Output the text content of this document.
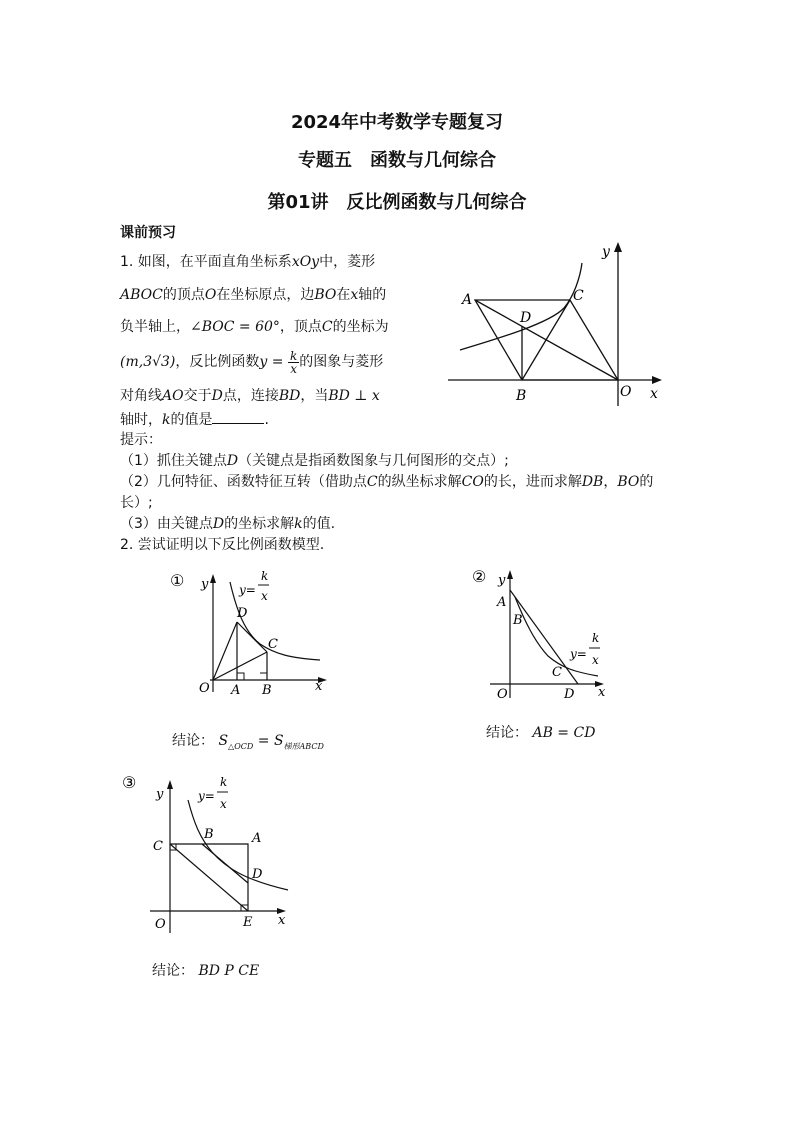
2024年中考数学专题复习
专题五　函数与几何综合
第01讲　反比例函数与几何综合
课前预习
1. 如图，在平面直角坐标系xOy中，菱形
ABOC的顶点O在坐标原点，边BO在x轴的
负半轴上，∠BOC = 60°，顶点C的坐标为
(m,3√3)，反比例函数$y = \frac{k}{x}$ 的图象与菱形
对角线AO交于D点，连接BD，当BD ⊥ x
轴时，k的值是	.
提示：
（1）抓住关键点D（关键点是指函数图象与几何图形的交点）;
（2）几何特征、函数特征互转（借助点C的纵坐标求解CO的长，进而求解DB，BO的长）;
（3）由关键点D的坐标求解k的值.
2. 尝试证明以下反比例函数模型.
y
A	C
D
B	O x
① y	y=
k
x
D
C
O A B	x
② y
y=
k
x
A
B
C
O	D x
③
y	y=
k
x
C
B	A
D
O	E x
结论： $S_{\triangle OCD} = S_{梯形ABCD}$
结论： AB = CD
结论： BD P CE
